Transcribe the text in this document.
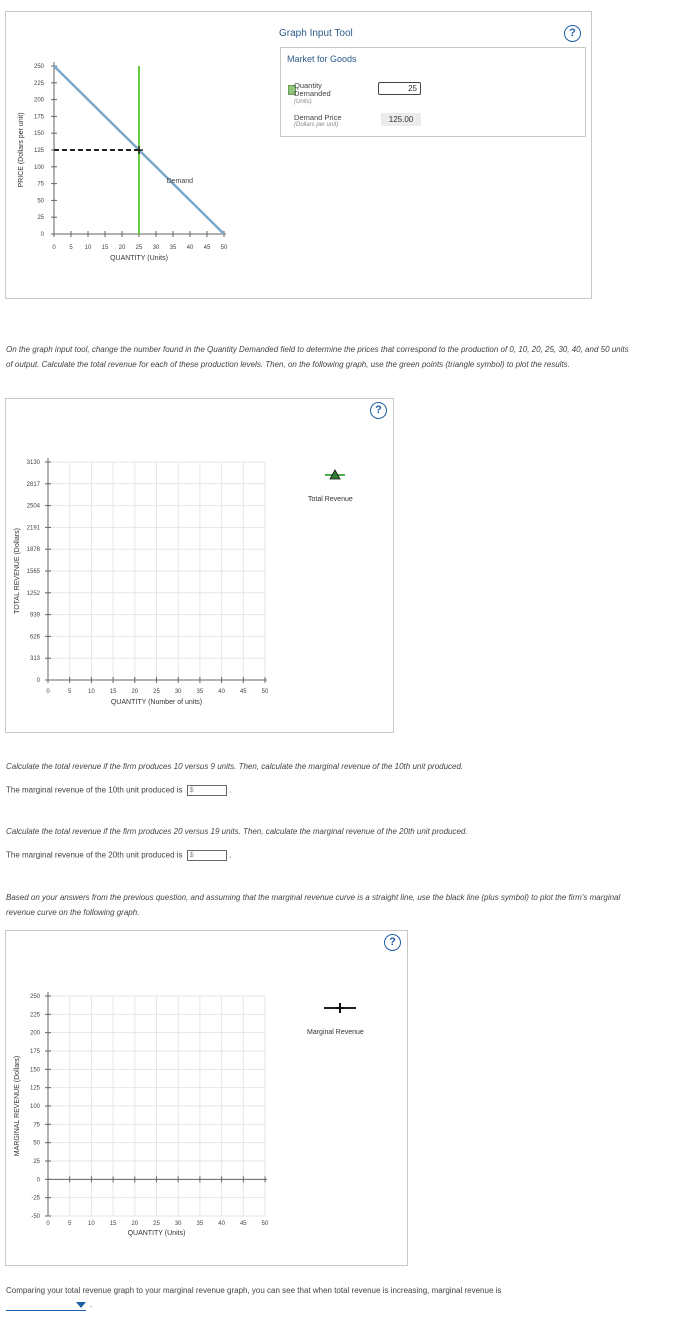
0 5 10 15 20 25 30 35 40 45 50
0
25
50
75
100
125
150
175
200
225
250
QUANTITY (Units)
PRICE (Dollars per unit)	Demand
Graph Input Tool	?
Market for Goods
Quantity Demanded
(Units)
25
Demand Price
(Dollars per unit)
125.00
On the graph input tool, change the number found in the Quantity Demanded field to determine the prices that correspond to the production of 0, 10, 20, 25, 30, 40, and 50 units of output. Calculate the total revenue for each of these production levels. Then, on the following graph, use the green points (triangle symbol) to plot the results.
?
0	5	10	15	20	25	30	35	40	45	50
0
313
626
939
1252
1565
1878
2191
2504
2817
3130
QUANTITY (Number of units)
TOTAL REVENUE (Dollars)
Total Revenue
Calculate the total revenue if the firm produces 10 versus 9 units. Then, calculate the marginal revenue of the 10th unit produced.
The marginal revenue of the 10th unit produced is $	.
Calculate the total revenue if the firm produces 20 versus 19 units. Then, calculate the marginal revenue of the 20th unit produced.
The marginal revenue of the 20th unit produced is $	.
Based on your answers from the previous question, and assuming that the marginal revenue curve is a straight line, use the black line (plus symbol) to plot the firm's marginal revenue curve on the following graph.
?
0	5	10	15	20	25	30	35	40	45	50
-50
-25
0
25
50
75
100
125
150
175
200
225
250
QUANTITY (Units)
MARGINAL REVENUE (Dollars)
Marginal Revenue
Comparing your total revenue graph to your marginal revenue graph, you can see that when total revenue is increasing, marginal revenue is
.
